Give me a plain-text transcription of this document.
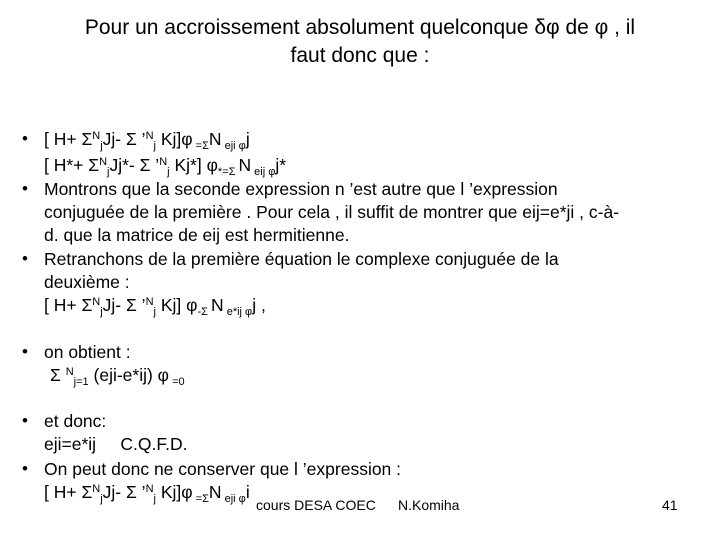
Pour un accroissement absolument quelconque δφ de φ , il
faut donc que :
• [ $H+ \Sigma^N_jJj-$ Σ ’$^N_j$ Kj]φ $_{=\Sigma}$N $_{eji \varphi}$j
[ $H*+ \Sigma^N_jJj*-$ Σ ’$^N_j$ Kj*] $\varphi_{*=\Sigma}$ N $_{eij \varphi}$j*
• Montrons que la seconde expression n ’est autre que l ’expression
conjuguée de la première . Pour cela , il suffit de montrer que eij=e*ji , c-à-
d. que la matrice de eij est hermitienne.
• Retranchons de la première équation le complexe conjuguée de la
deuxième :
[ $H+ \Sigma^N_jJj-$ Σ ’$^N_j$ Kj] $\varphi_{-\Sigma}$ N $_{e*ij \varphi}$j ,
• on obtient :
Σ $^N_{j=1}$ (eji-e*ij) φ $_{=0}$
• et donc:
eji=e*ij     C.Q.F.D.
• On peut donc ne conserver que l ’expression :
[ $H+ \Sigma^N_jJj-$ Σ ’$^N_j$ Kj]φ $_{=\Sigma}$N $_{eji \varphi}$i
cours DESA COEC N.Komiha	41
